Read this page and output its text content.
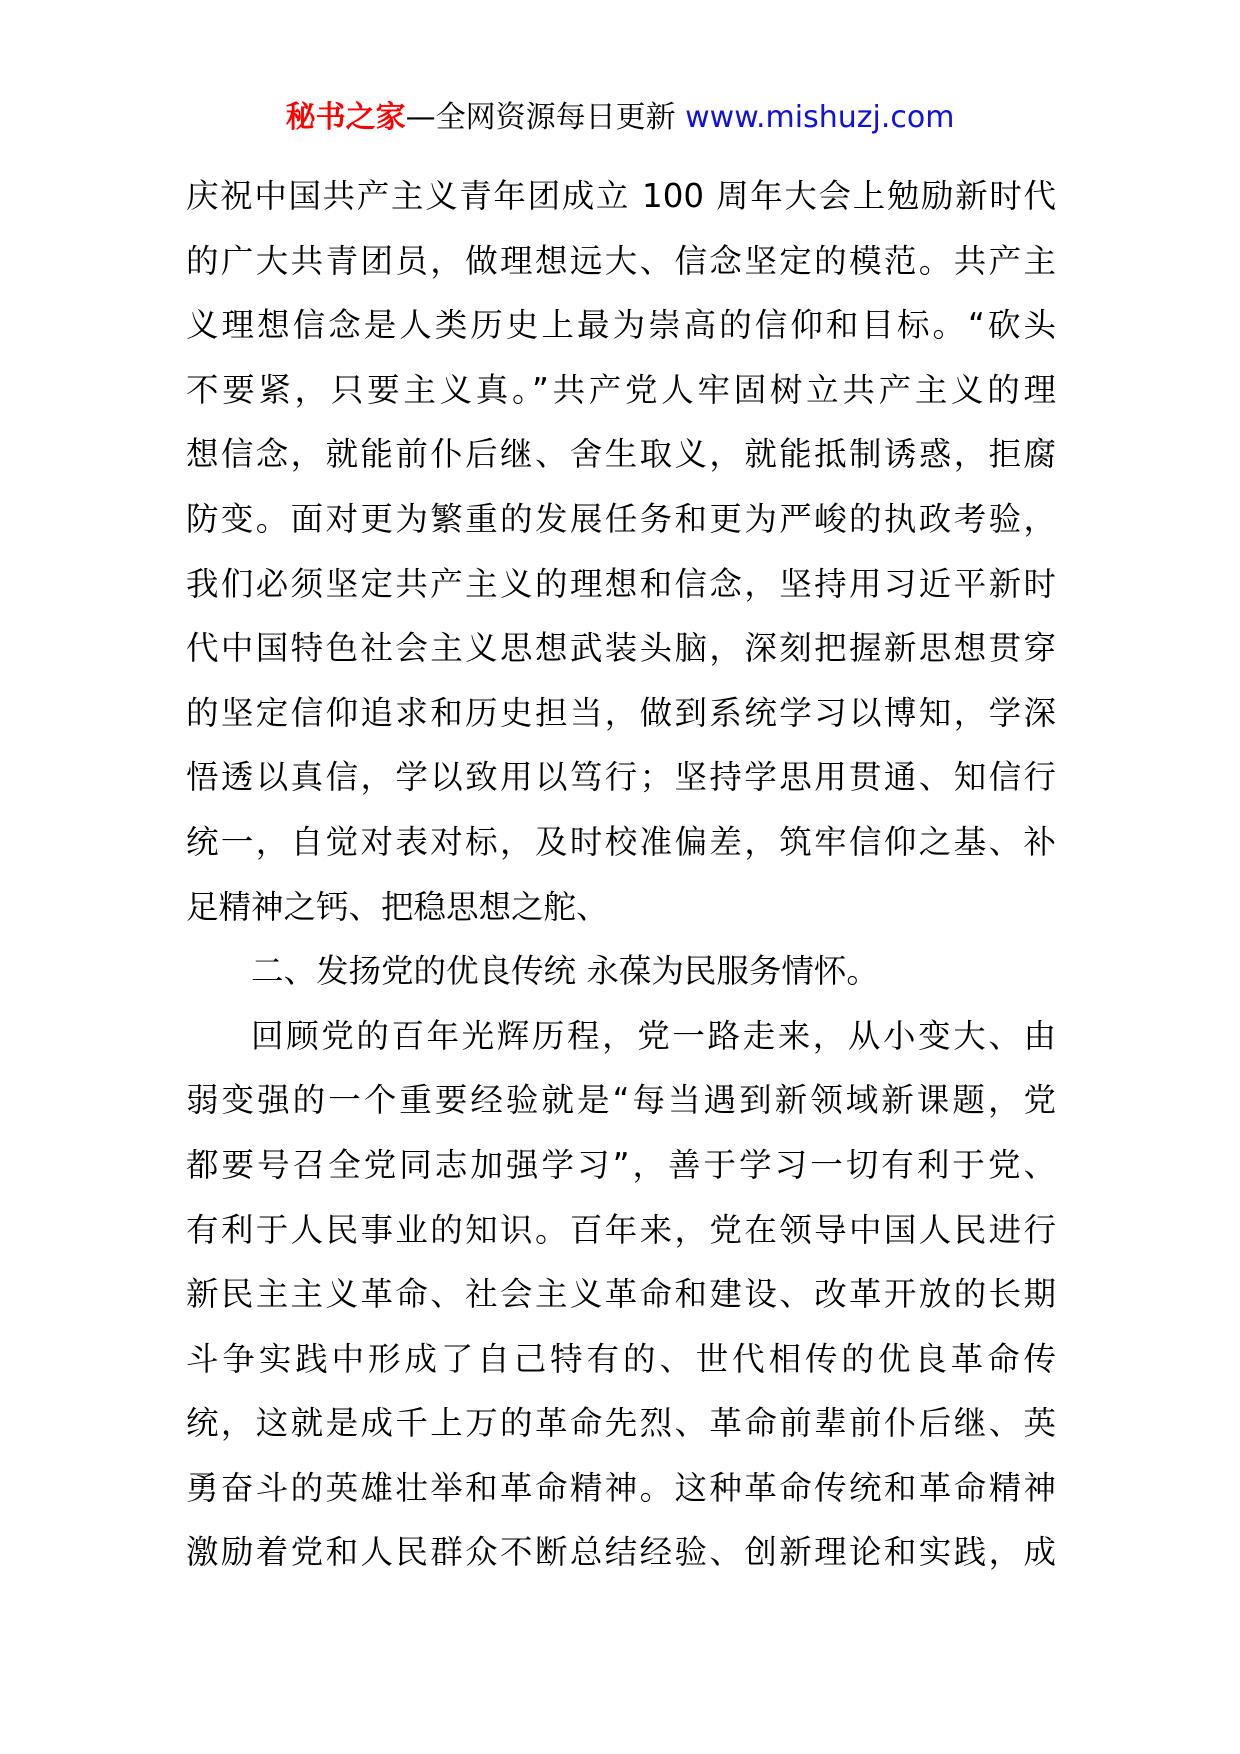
秘书之家—全网资源每日更新 www.mishuzj.com
庆祝中国共产主义青年团成立 100 周年大会上勉励新时代
的广大共青团员，做理想远大、信念坚定的模范。共产主
义理想信念是人类历史上最为崇高的信仰和目标。“砍头
不要紧，只要主义真。”共产党人牢固树立共产主义的理
想信念，就能前仆后继、舍生取义，就能抵制诱惑，拒腐
防变。面对更为繁重的发展任务和更为严峻的执政考验，
我们必须坚定共产主义的理想和信念，坚持用习近平新时
代中国特色社会主义思想武装头脑，深刻把握新思想贯穿
的坚定信仰追求和历史担当，做到系统学习以博知，学深
悟透以真信，学以致用以笃行；坚持学思用贯通、知信行
统一，自觉对表对标，及时校准偏差，筑牢信仰之基、补
足精神之钙、把稳思想之舵、
二、发扬党的优良传统 永葆为民服务情怀。
回顾党的百年光辉历程，党一路走来，从小变大、由
弱变强的一个重要经验就是“每当遇到新领域新课题，党
都要号召全党同志加强学习”，善于学习一切有利于党、
有利于人民事业的知识。百年来，党在领导中国人民进行
新民主主义革命、社会主义革命和建设、改革开放的长期
斗争实践中形成了自己特有的、世代相传的优良革命传
统，这就是成千上万的革命先烈、革命前辈前仆后继、英
勇奋斗的英雄壮举和革命精神。这种革命传统和革命精神
激励着党和人民群众不断总结经验、创新理论和实践，成
